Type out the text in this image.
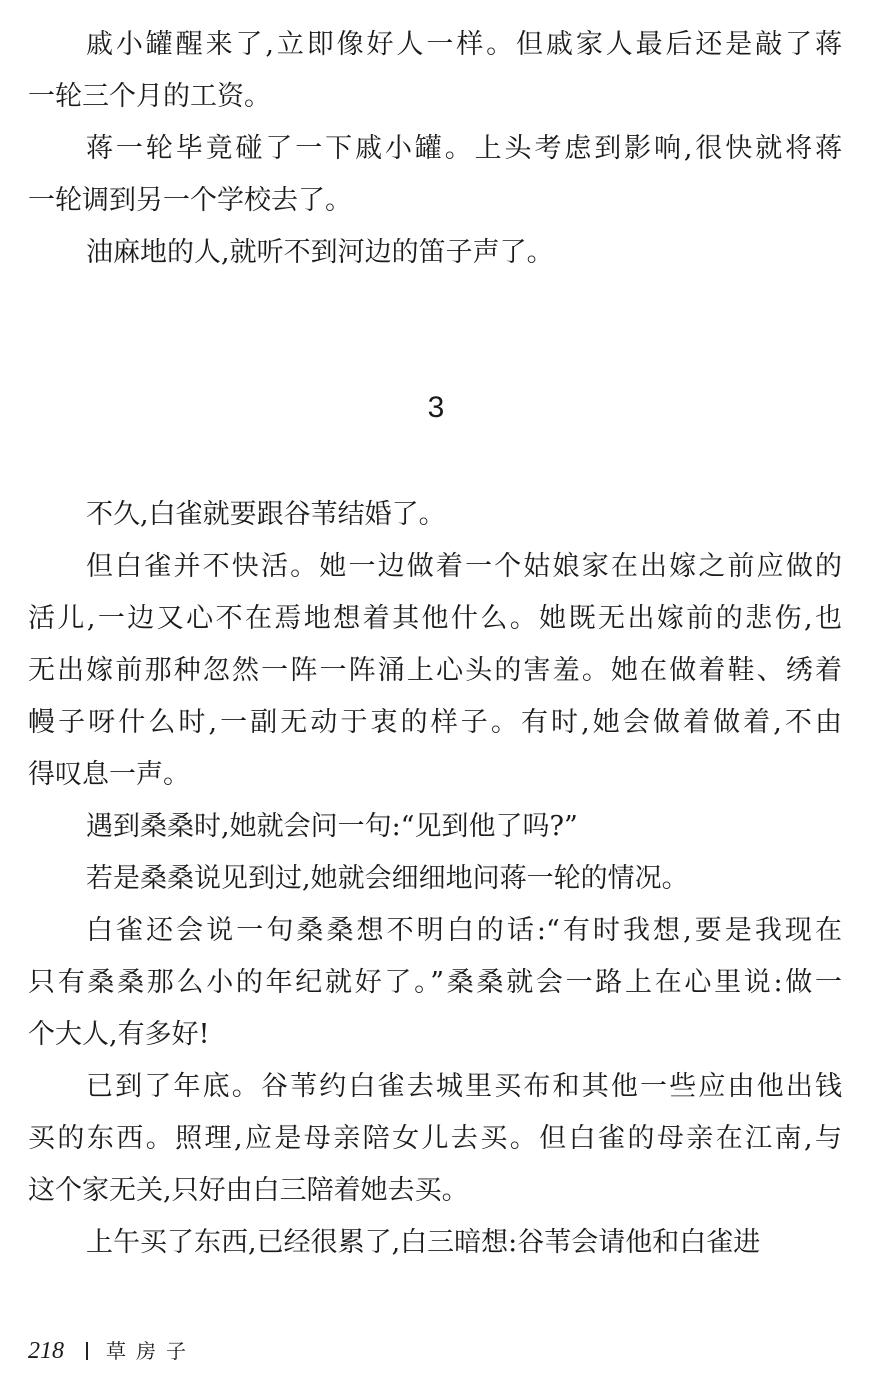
戚小罐醒来了,立即像好人一样。但戚家人最后还是敲了蒋
一轮三个月的工资。
蒋一轮毕竟碰了一下戚小罐。上头考虑到影响,很快就将蒋
一轮调到另一个学校去了。
油麻地的人,就听不到河边的笛子声了。
3
不久,白雀就要跟谷苇结婚了。
但白雀并不快活。她一边做着一个姑娘家在出嫁之前应做的
活儿,一边又心不在焉地想着其他什么。她既无出嫁前的悲伤,也
无出嫁前那种忽然一阵一阵涌上心头的害羞。她在做着鞋、绣着
幔子呀什么时,一副无动于衷的样子。有时,她会做着做着,不由
得叹息一声。
遇到桑桑时,她就会问一句:“见到他了吗?”
若是桑桑说见到过,她就会细细地问蒋一轮的情况。
白雀还会说一句桑桑想不明白的话:“有时我想,要是我现在
只有桑桑那么小的年纪就好了。”桑桑就会一路上在心里说:做一
个大人,有多好!
已到了年底。谷苇约白雀去城里买布和其他一些应由他出钱
买的东西。照理,应是母亲陪女儿去买。但白雀的母亲在江南,与
这个家无关,只好由白三陪着她去买。
上午买了东西,已经很累了,白三暗想:谷苇会请他和白雀进
218 草房子
